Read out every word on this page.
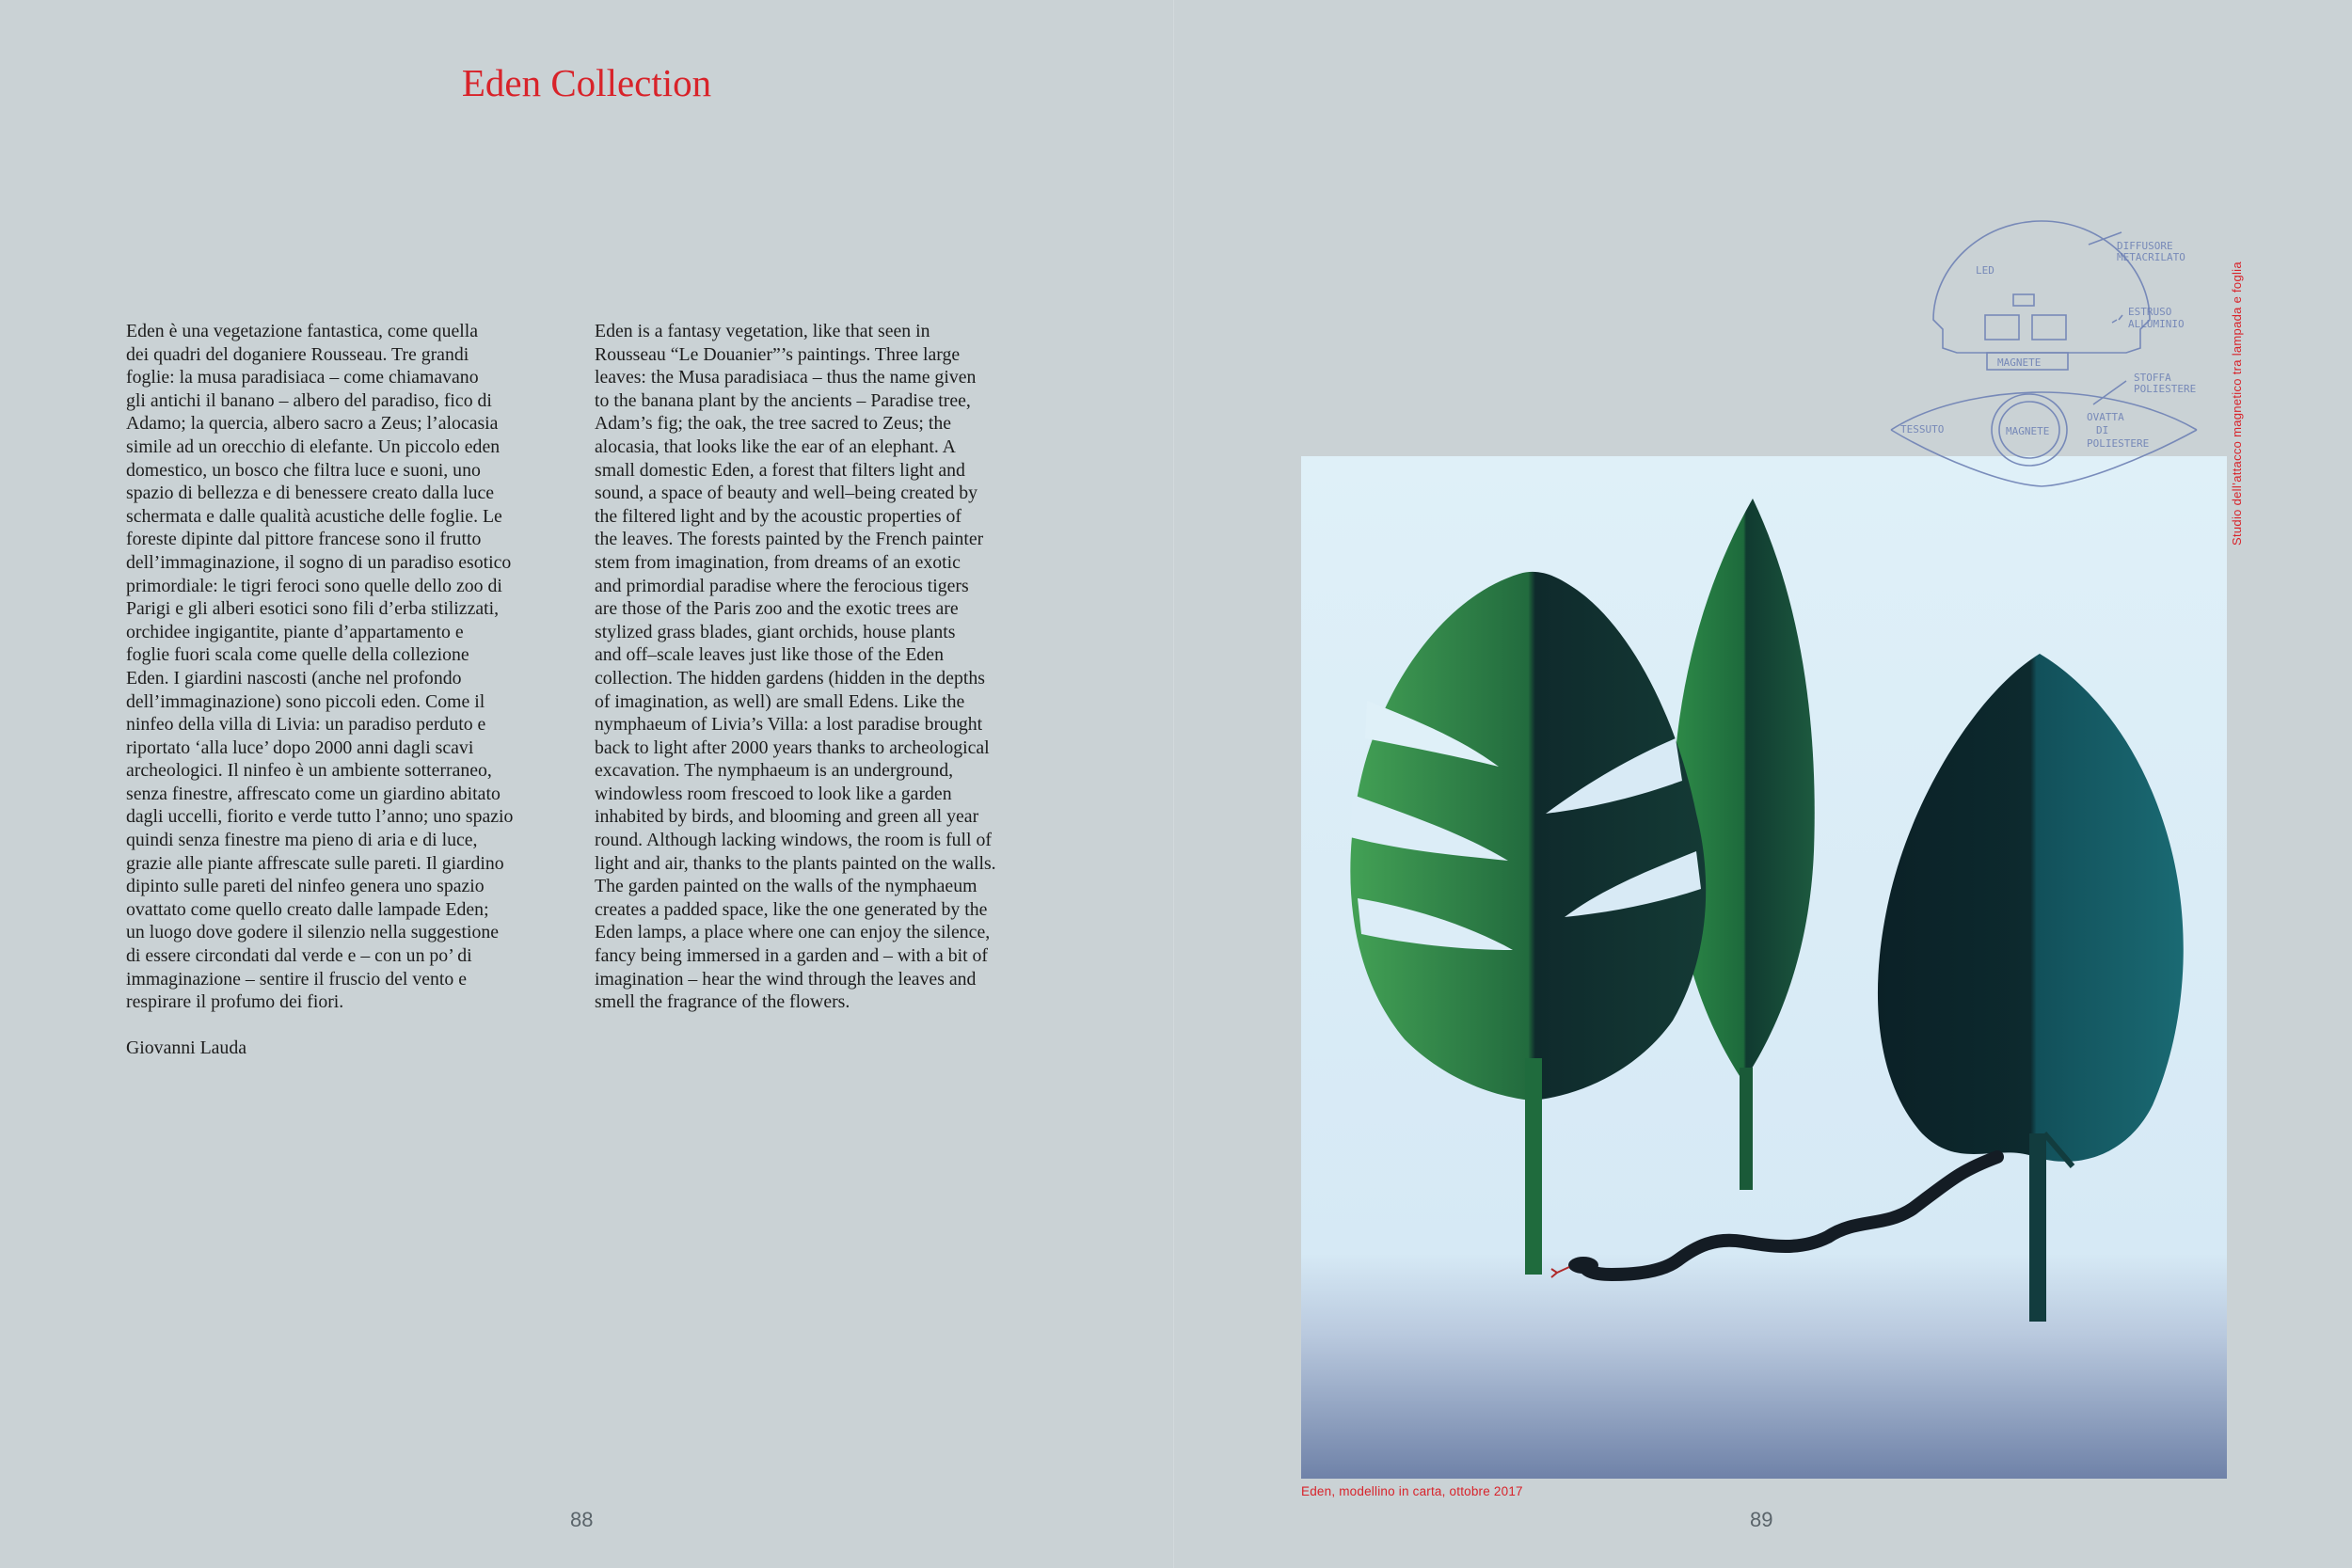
Eden Collection
Eden è una vegetazione fantastica, come quella
dei quadri del doganiere Rousseau. Tre grandi
foglie: la musa paradisiaca – come chiamavano
gli antichi il banano – albero del paradiso, fico di
Adamo; la quercia, albero sacro a Zeus; l’alocasia
simile ad un orecchio di elefante. Un piccolo eden
domestico, un bosco che filtra luce e suoni, uno
spazio di bellezza e di benessere creato dalla luce
schermata e dalle qualità acustiche delle foglie. Le
foreste dipinte dal pittore francese sono il frutto
dell’immaginazione, il sogno di un paradiso esotico
primordiale: le tigri feroci sono quelle dello zoo di
Parigi e gli alberi esotici sono fili d’erba stilizzati,
orchidee ingigantite, piante d’appartamento e
foglie fuori scala come quelle della collezione
Eden. I giardini nascosti (anche nel profondo
dell’immaginazione) sono piccoli eden. Come il
ninfeo della villa di Livia: un paradiso perduto e
riportato ‘alla luce’ dopo 2000 anni dagli scavi
archeologici. Il ninfeo è un ambiente sotterraneo,
senza finestre, affrescato come un giardino abitato
dagli uccelli, fiorito e verde tutto l’anno; uno spazio
quindi senza finestre ma pieno di aria e di luce,
grazie alle piante affrescate sulle pareti. Il giardino
dipinto sulle pareti del ninfeo genera uno spazio
ovattato come quello creato dalle lampade Eden;
un luogo dove godere il silenzio nella suggestione
di essere circondati dal verde e – con un po’ di
immaginazione – sentire il fruscio del vento e
respirare il profumo dei fiori.
Giovanni Lauda
Eden is a fantasy vegetation, like that seen in
Rousseau “Le Douanier”’s paintings. Three large
leaves: the Musa paradisiaca – thus the name given
to the banana plant by the ancients – Paradise tree,
Adam’s fig; the oak, the tree sacred to Zeus; the
alocasia, that looks like the ear of an elephant. A
small domestic Eden, a forest that filters light and
sound, a space of beauty and well–being created by
the filtered light and by the acoustic properties of
the leaves. The forests painted by the French painter
stem from imagination, from dreams of an exotic
and primordial paradise where the ferocious tigers
are those of the Paris zoo and the exotic trees are
stylized grass blades, giant orchids, house plants
and off–scale leaves just like those of the Eden
collection. The hidden gardens (hidden in the depths
of imagination, as well) are small Edens. Like the
nymphaeum of Livia’s Villa: a lost paradise brought
back to light after 2000 years thanks to archeological
excavation. The nymphaeum is an underground,
windowless room frescoed to look like a garden
inhabited by birds, and blooming and green all year
round. Although lacking windows, the room is full of
light and air, thanks to the plants painted on the walls.
The garden painted on the walls of the nymphaeum
creates a padded space, like the one generated by the
Eden lamps, a place where one can enjoy the silence,
fancy being immersed in a garden and – with a bit of
imagination – hear the wind through the leaves and
smell the fragrance of the flowers.
88
Eden, modellino in carta, ottobre 2017
LED
DIFFUSORE
METACRILATO
ESTRUSO
ALLUMINIO
MAGNETE
STOFFA
POLIESTERE
TESSUTO	MAGNETE
OVATTA
DI
POLIESTERE	Studio dell’attacco magnetico tra lampada e foglia
89
